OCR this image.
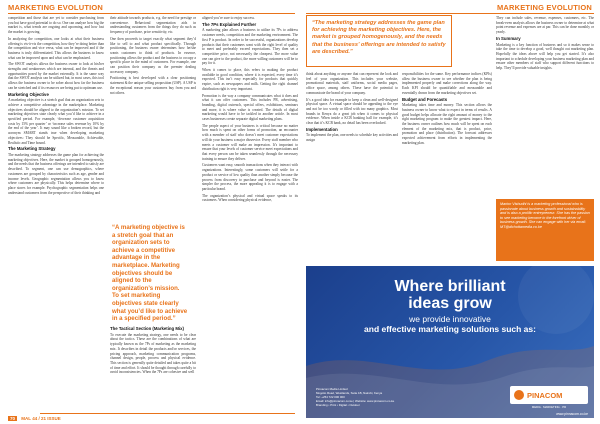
MARKETING EVOLUTION	MARKETING EVOLUTION

competition and those that are yet to consider purchasing from you but have good potential to do so. One can analyze how big the market is, what trends are ongoing and upcoming, and how fast the market is growing.

In analyzing the competition, one looks at what their business offering is vis-à-vis the competition, how they’re doing better than the competition and vice versa, what can be improved and if the business is truly differentiated. This allows the business to know what can be improved upon and what can be emphasized.

The SWOT analysis allows the business owner to look at his/her strengths and weaknesses which are internal, and the threats and opportunities posed by the market externally. It is the same way that the SWOT analysis can be utilized but, in most cases, this tool allows the business owner to be sober about how far the business can be stretched and if its resources are being put to optimum use.

Marketing Objective

A marketing objective is a stretch goal that an organization sets to achieve a competitive advantage in the marketplace. Marketing objectives should be aligned to the organization’s mission. To set marketing objectives state clearly what you’d like to achieve in a specified period. For example, ‘decrease customer acquisition costs by 15% per quarter’ or ‘increase sales revenue by 10% by the end of the year’. It may sound like a broken record, but the acronym SMART stands true when developing marketing objectives: They should be Specific, Measurable, Achievable, Realistic and Time bound.

The Marketing Strategy

The marketing strategy addresses the game plan for achieving the marketing objectives. Here, the market is grouped homogenously, and the needs that the business offerings are intended to satisfy are described. To segment, one can use demographics, where customers are grouped by characteristics such as age, gender and income levels. Geographic segmentation allows you to know where customers are physically. This helps determine where to place stores for example. Psychographic segmentation helps one understand customers from the perspective of their thinking and

their attitude towards products, e.g. the need for prestige or convenience. Behavioral segmentation aids in understanding customers from the things they do such as frequency of purchase, price sensitivity, etc.

One then proceeds to target exactly what segment they’d like to sell to and what product specifically. Through positioning, the business owner determines how he/she wants customers to think of products. In essence, positioning allows the product and the business to occupy a specific place in the mind of customers. For example, one can position their company as the premier dealing accessory company.

Positioning is best developed with a clear positioning statement & the unique selling proposition (USP). A USP is the exceptional reason your customers buy from you and not others.

“A marketing objective is a stretch goal that an organization sets to achieve a competitive advantage in the marketplace. Marketing objectives should be aligned to the organization’s mission. To set marketing objectives state clearly what you’d like to achieve in a specified period.”
The Tactical Section (Marketing Mix)

To execute the marketing strategy, one needs to be clear about the tactics. These are the combinations of what are typically known as the 7Ps of marketing as the marketing mix. It describes in detail the products and/or services, the pricing approach, marketing communication programs, channel design, people, process and physical evidence. This section is generally quite detailed and takes quite a bit of time and effort. It should be thought through carefully to avoid inconsistencies. When the 7Ps are cohesive and well

aligned you’re sure to enjoy success.

The 7Ps Explained Further

A marketing plan allows a business to utilize its 7Ps to address customer needs, competition and the marketing environment. The first P is product. In order to be successful, organizations develop products that their customers want with the right level of quality to meet and preferably exceed expectations. They then set a competitive price, not necessarily the cheapest. The more value one can give to the product, the more willing customers will be to pay for it.

When it comes to place, this refers to making the product available in good condition, where it is expected, every time it’s expected. This isn’t easy especially for products that quickly expire, such as newspapers and milk. Getting the right channel distribution right is very important.

Promotion is the way a company communicates what it does and what it can offer customers. This includes PR, advertising, branding, digital outreach, special offers, exhibitions, seminars and more, it is where value is created. The details of digital marketing would have to be tackled in another article. In most cases businesses create separate digital marketing plans.

The people aspect of your business is critical because no matter how much is spent on other forms of promotion, an encounter with a member of staff who doesn’t meet customer expectations will do your business a major disservice. Every staff member who meets a customer will make an impression. It’s important to ensure that your levels of customer service meet expectations and that every person can be taken seamlessly through the necessary training to ensure they deliver.

Customers want easy, smooth transactions when they interact with organizations. Interestingly, some customers will settle for a product or service of low quality than another simply because the process from discovery to purchase and beyond is easier. The simpler the process, the more appealing it is to engage with a particular brand.

The organization’s physical and virtual space speaks to its customers. When considering physical evidence,

“The marketing strategy addresses the game plan for achieving the marketing objectives. Here, the market is grouped homogenously, and the needs that the business’ offerings are intended to satisfy are described.”

think about anything or anyone that can represent the look and feel of your organization. This includes your website, promotional materials, staff uniforms, social media pages, office space, among others. These have the potential to communicate the brand of your company.

It’s a good idea for example to keep a clean and well-designed physical space. A virtual space should be appealing to the eye and not be too wordy or filled with too many graphics. Most brands in Kenya do a great job when it comes to physical evidence. When inside a KCB banking hall for example, it’s clear that it’s KCB bank, no detail has been overlooked.

Implementation

To implement the plan, one needs to schedule key activities and assign

responsibilities for the same. Key performance indices (KPIs) allow the business owner to see whether the plan is being implemented properly and make corrections along the way. Each KPI should be quantifiable and measurable and essentially drawn from the marketing objectives set.

Budget and Forecasts

Marketing takes time and money. This section allows the business owner to know what to expect in terms of results. A good budget helps allocate the right amount of money to the right marketing program to make the greatest impact. Here, the business owner outlines how much will be spent on each element of the marketing mix, that is product, price, promotion and place (distribution). The forecast addresses expected achievement from efforts in implementing the marketing plan.

They can include sales, revenue, expenses, customers, etc. The break-even analysis allows the business owner to determine at what point revenue and expenses are at par. This can be done monthly or yearly.

In Summary

Marketing is a key function of business and so it makes sense to take the time to develop a good, well thought out marketing plan. Hopefully the ideas above will help you get started. It’s also important to schedule developing your business marketing plan and ensure other members of staff who support different functions to help. They’ll provide valuable insights.

Marion Vishudhi is a marketing professional who is passionate about business growth and sustainability and is also a prolific entrepreneur. She has the passion to see marketing become in the forefront driver of business growth. She can engage with her via email: MT@dichottamedia.co.ke
Where brilliant
ideas grow
we provide innovative
and effective marketing solutions such as:
Pinnacom Media Limited
Mogotio Road, Westlands, Suite 1B, Nairobi, Kenya
Tel: +254 722 000 000
Email: info@pinnacom.co.ke | Website: www.pinnacom.co.ke
Branding • Print • Digital • Outdoor
PINACOM
MEDIA · MARKETING · PR
www.pinnacom.co.ke
70 MAL 44 / 21 ISSUE
